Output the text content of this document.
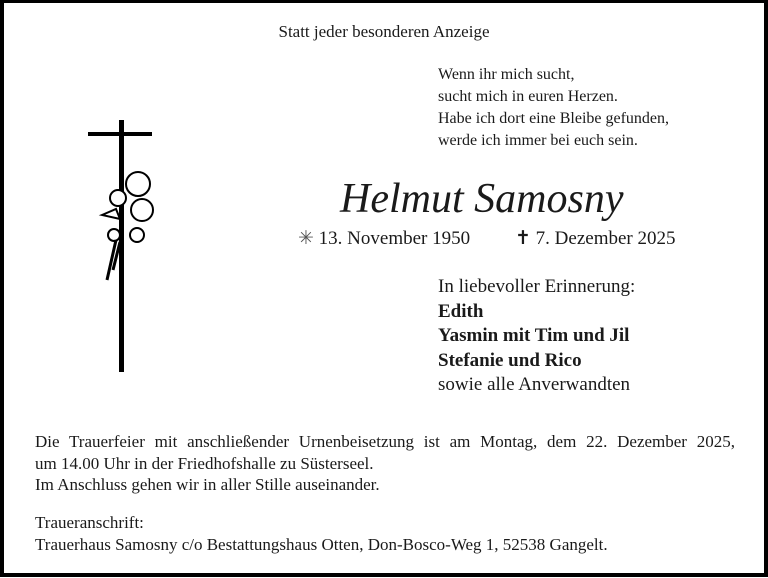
Statt jeder besonderen Anzeige
Wenn ihr mich sucht,
sucht mich in euren Herzen.
Habe ich dort eine Bleibe gefunden,
werde ich immer bei euch sein.
Helmut Samosny
✳ 13. November 1950 ✝ 7. Dezember 2025
In liebevoller Erinnerung:
Edith
Yasmin mit Tim und Jil
Stefanie und Rico
sowie alle Anverwandten
Die Trauerfeier mit anschließender Urnenbeisetzung ist am Montag, dem 22. Dezember 2025,
um 14.00 Uhr in der Friedhofshalle zu Süsterseel.
Im Anschluss gehen wir in aller Stille auseinander.
Traueranschrift:
Trauerhaus Samosny c/o Bestattungshaus Otten, Don-Bosco-Weg 1, 52538 Gangelt.
